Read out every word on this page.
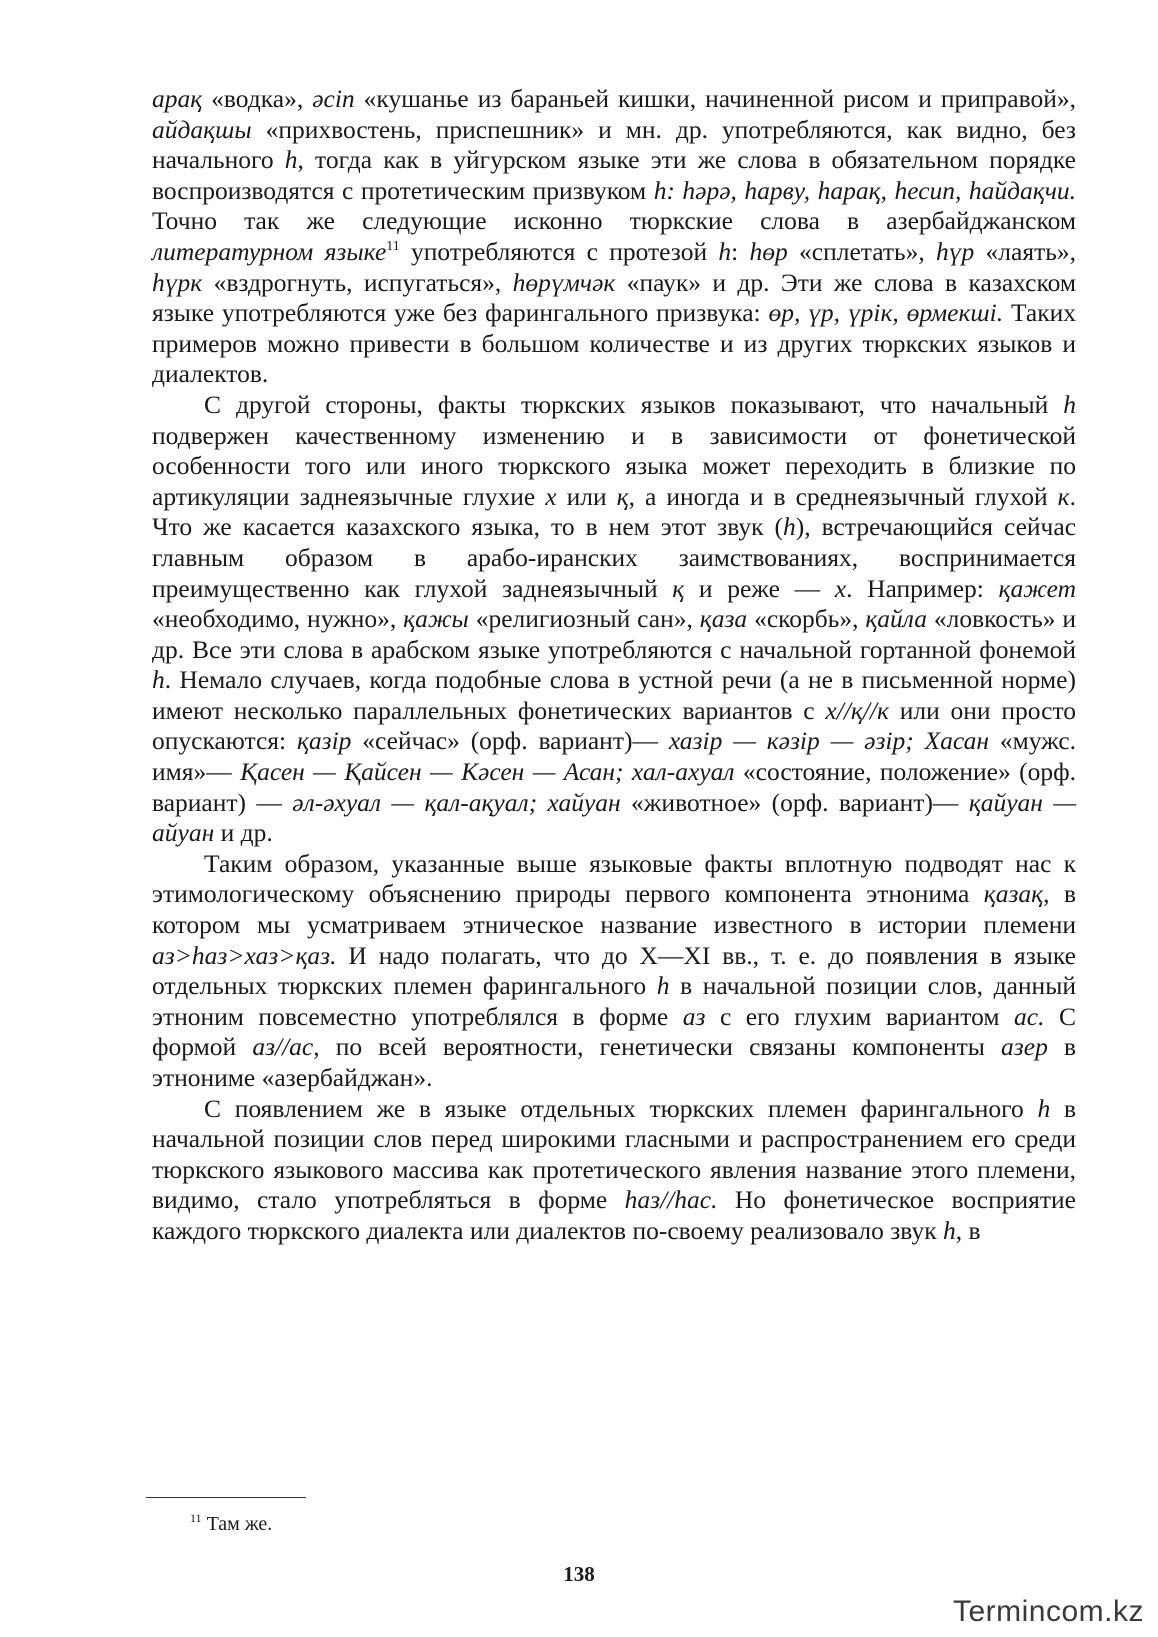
арақ «водка», əсіп «кушанье из бараньей кишки, начиненной рисом и приправой», айдақшы «прихвостень, приспешник» и мн. др. употребляются, как видно, без начального h, тогда как в уйгурском языке эти же слова в обязательном порядке воспроизводятся с протетическим призвуком h: həрə, hарву, hарақ, hесип, hайдақчи. Точно так же следующие исконно тюркские слова в азербайджанском литературном языке$^{11}$ употребляются с протезой h: hөр «сплетать», hүр «лаять», hүрк «вздрогнуть, испугаться», hөрүмчəк «паук» и др. Эти же слова в казахском языке употребляются уже без фарингального призвука: өр, үр, үрік, өрмекші. Таких примеров можно привести в большом количестве и из других тюркских языков и диалектов.

С другой стороны, факты тюркских языков показывают, что начальный h подвержен качественному изменению и в зависимости от фонетической особенности того или иного тюркского языка может переходить в близкие по артикуляции заднеязычные глухие х или қ, а иногда и в среднеязычный глухой к. Что же касается казахского языка, то в нем этот звук (h), встречающийся сейчас главным образом в арабо-иранских заимствованиях, воспринимается преимущественно как глухой заднеязычный қ и реже — х. Например: қажет «необходимо, нужно», қажы «религиозный сан», қаза «скорбь», қайла «ловкость» и др. Все эти слова в арабском языке употребляются с начальной гортанной фонемой h. Немало случаев, когда подобные слова в устной речи (а не в письменной норме) имеют несколько параллельных фонетических вариантов с х//қ//к или они просто опускаются: қазір «сейчас» (орф. вариант)— хазір — кəзір — əзір; Хасан «мужс. имя»— Қасен — Қайсен — Кəсен — Асан; хал-ахуал «состояние, положение» (орф. вариант) — əл-əхуал — қал-ақуал; хайуан «животное» (орф. вариант)— қайуан — айуан и др.

Таким образом, указанные выше языковые факты вплотную подводят нас к этимологическому объяснению природы первого компонента этнонима қазақ, в котором мы усматриваем этническое название известного в истории племени аз>hаз>хаз>қаз. И надо полагать, что до X—XI вв., т. е. до появления в языке отдельных тюркских племен фарингального h в начальной позиции слов, данный этноним повсеместно употреблялся в форме аз с его глухим вариантом ас. С формой аз//ас, по всей вероятности, генетически связаны компоненты азер в этнониме «азербайджан».

С появлением же в языке отдельных тюркских племен фарингального h в начальной позиции слов перед широкими гласными и распространением его среди тюркского языкового массива как протетического явления название этого племени, видимо, стало употребляться в форме hаз//hас. Но фонетическое восприятие каждого тюркского диалекта или диалектов по-своему реализовало звук h, в

$^{11}$ Там же.
138
Termincom.kz
